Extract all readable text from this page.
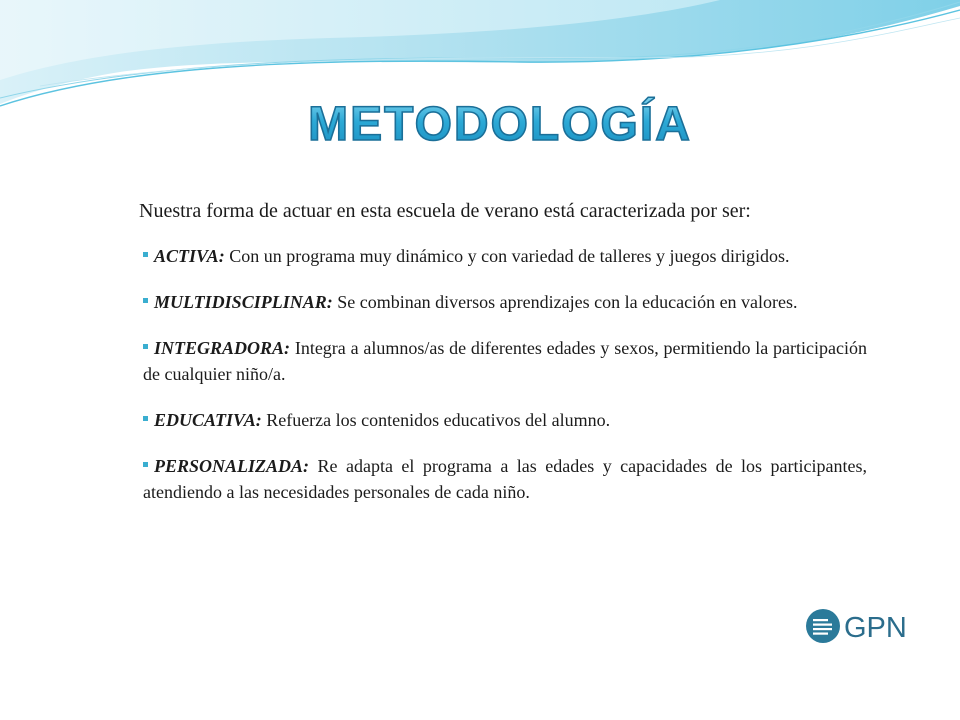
METODOLOGÍA

Nuestra forma de actuar en esta escuela de verano está caracterizada por ser:

ACTIVA: Con un programa muy dinámico y con variedad de talleres y juegos dirigidos.

MULTIDISCIPLINAR: Se combinan diversos aprendizajes con la educación en valores.

INTEGRADORA: Integra a alumnos/as de diferentes edades y sexos, permitiendo la participación de cualquier niño/a.

EDUCATIVA: Refuerza los contenidos educativos del alumno.

PERSONALIZADA: Re adapta el programa a las edades y capacidades de los participantes, atendiendo a las necesidades personales de cada niño.

GPN
